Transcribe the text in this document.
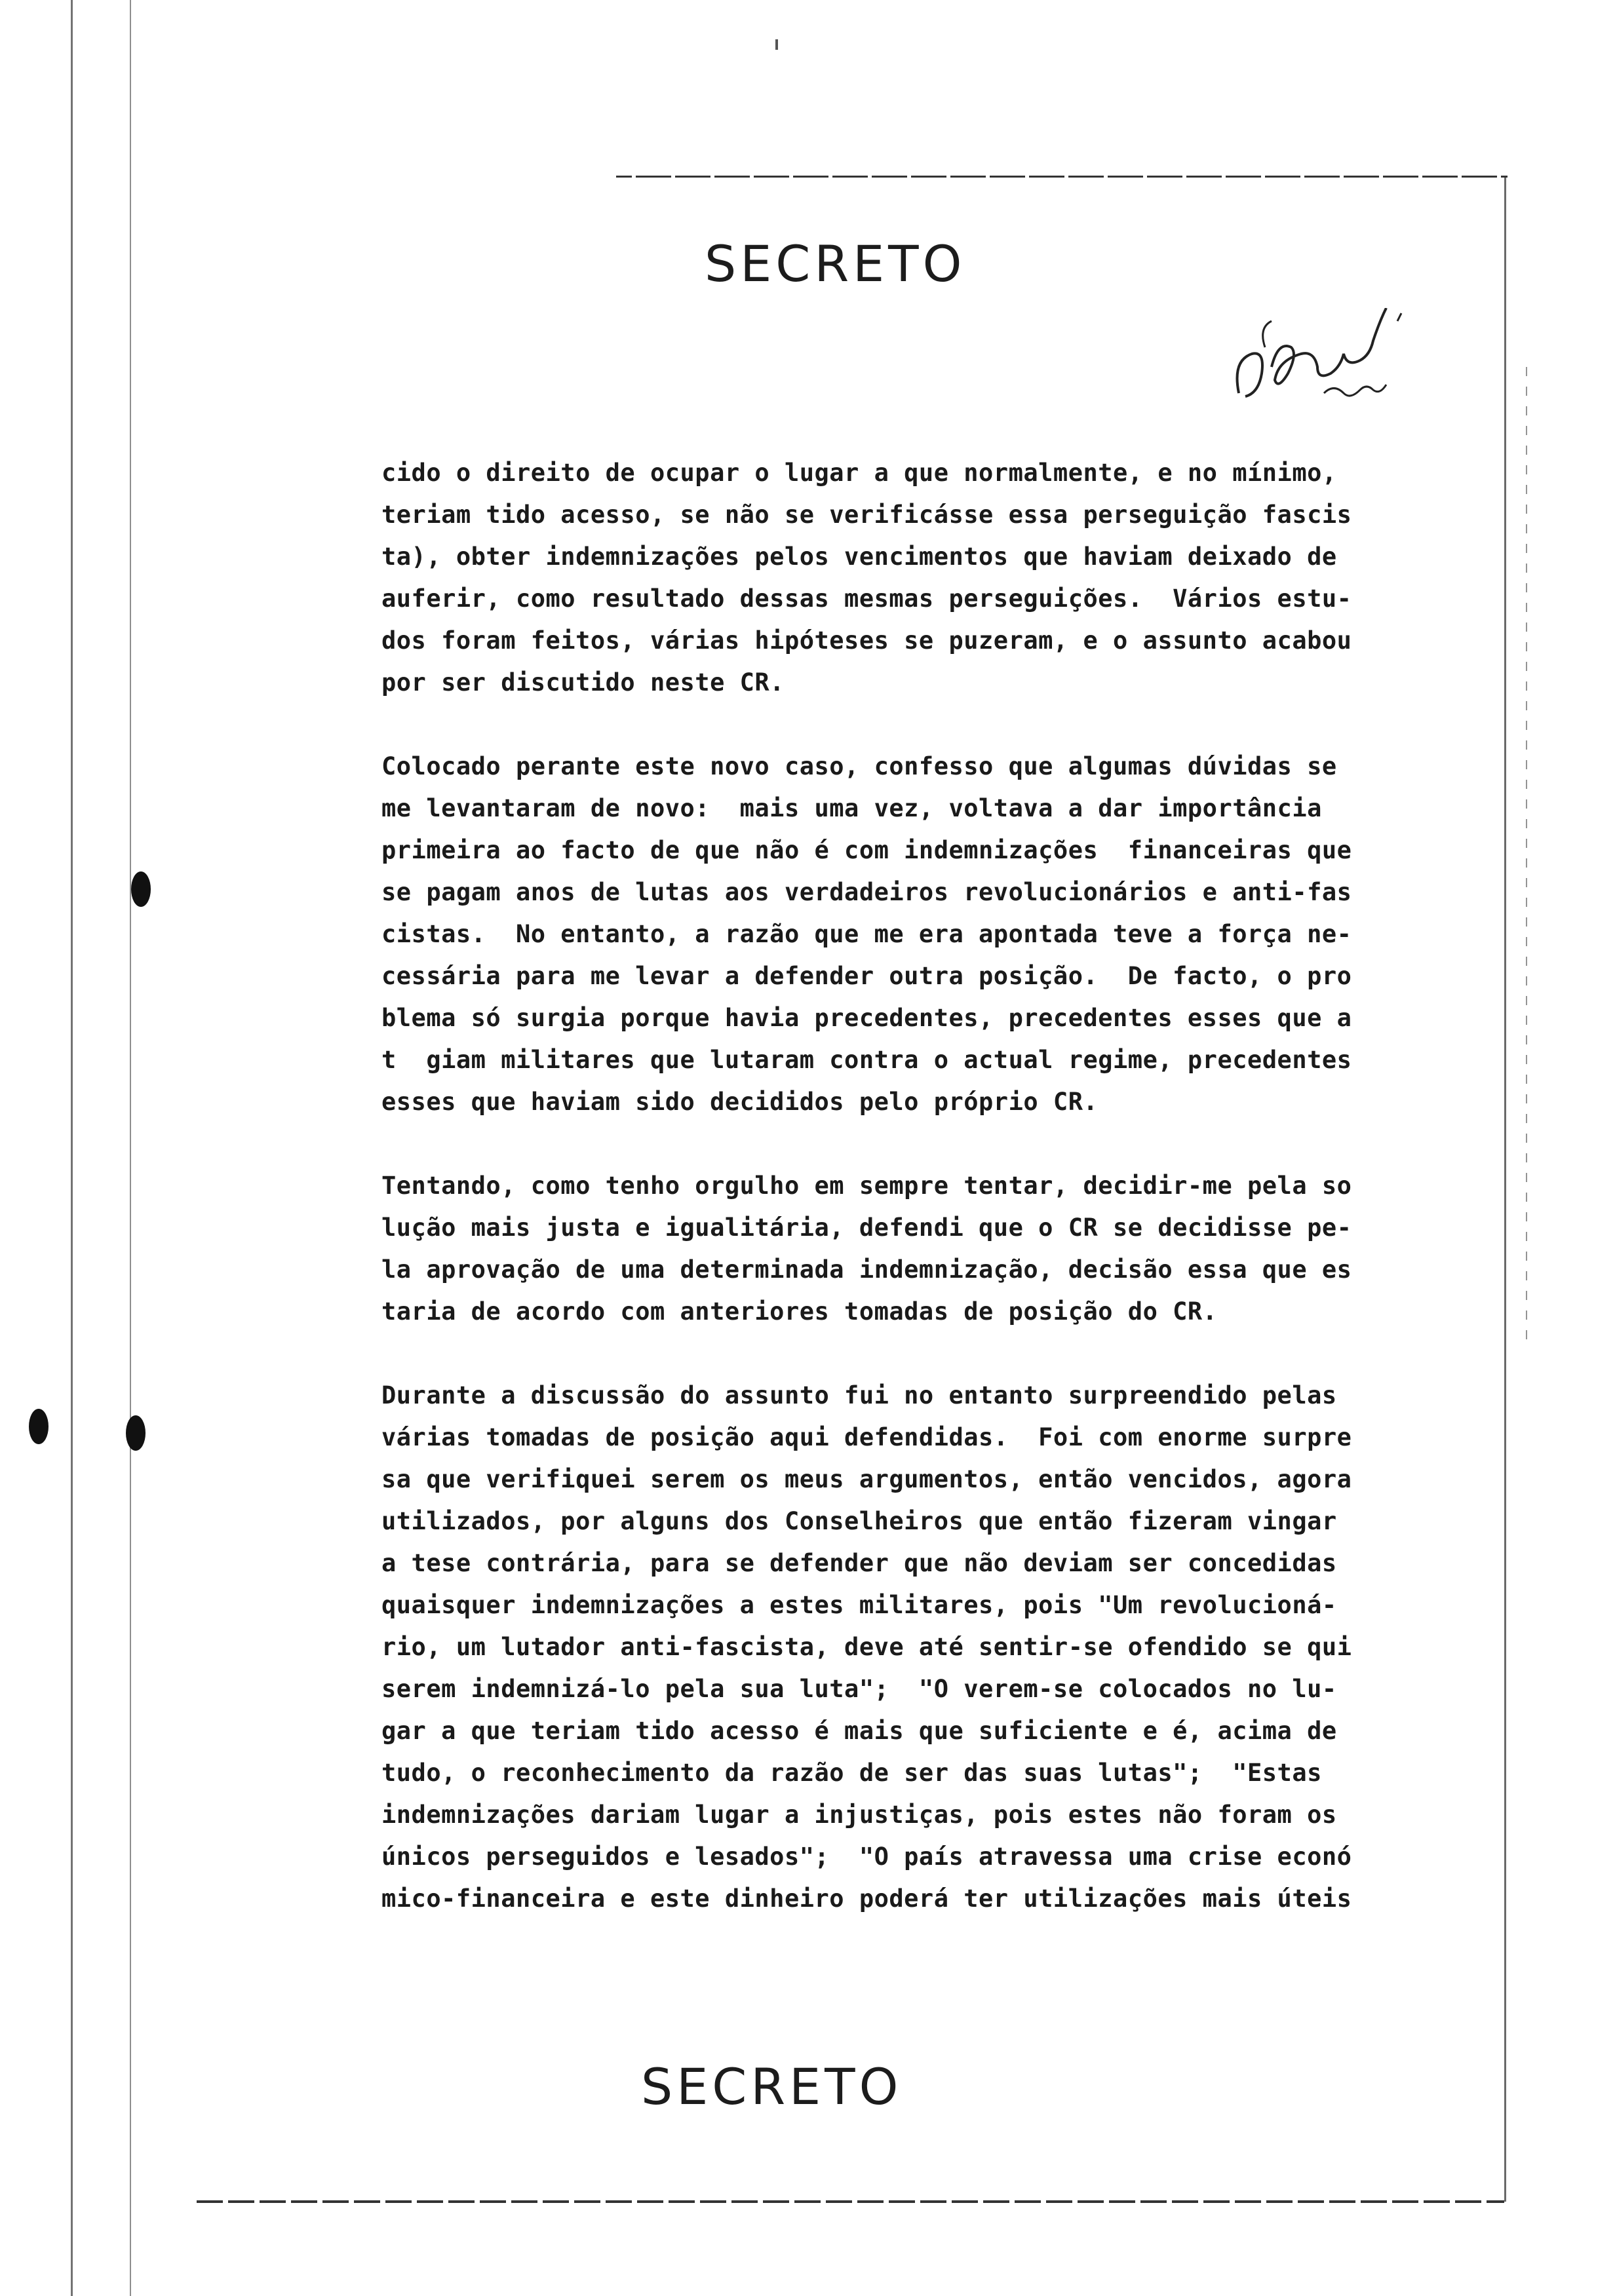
SECRETO

cido o direito de ocupar o lugar a que normalmente, e no mínimo,
teriam tido acesso, se não se verificásse essa perseguição fascis
ta), obter indemnizações pelos vencimentos que haviam deixado de
auferir, como resultado dessas mesmas perseguições.  Vários estu-
dos foram feitos, várias hipóteses se puzeram, e o assunto acabou
por ser discutido neste CR.

Colocado perante este novo caso, confesso que algumas dúvidas se
me levantaram de novo:  mais uma vez, voltava a dar importância
primeira ao facto de que não é com indemnizações  financeiras que
se pagam anos de lutas aos verdadeiros revolucionários e anti-fas
cistas.  No entanto, a razão que me era apontada teve a força ne-
cessária para me levar a defender outra posição.  De facto, o pro
blema só surgia porque havia precedentes, precedentes esses que a
t  giam militares que lutaram contra o actual regime, precedentes
esses que haviam sido decididos pelo próprio CR.

Tentando, como tenho orgulho em sempre tentar, decidir-me pela so
lução mais justa e igualitária, defendi que o CR se decidisse pe-
la aprovação de uma determinada indemnização, decisão essa que es
taria de acordo com anteriores tomadas de posição do CR.

Durante a discussão do assunto fui no entanto surpreendido pelas
várias tomadas de posição aqui defendidas.  Foi com enorme surpre
sa que verifiquei serem os meus argumentos, então vencidos, agora
utilizados, por alguns dos Conselheiros que então fizeram vingar
a tese contrária, para se defender que não deviam ser concedidas
quaisquer indemnizações a estes militares, pois "Um revolucioná-
rio, um lutador anti-fascista, deve até sentir-se ofendido se qui
serem indemnizá-lo pela sua luta";  "O verem-se colocados no lu-
gar a que teriam tido acesso é mais que suficiente e é, acima de
tudo, o reconhecimento da razão de ser das suas lutas";  "Estas
indemnizações dariam lugar a injustiças, pois estes não foram os
únicos perseguidos e lesados";  "O país atravessa uma crise econó
mico-financeira e este dinheiro poderá ter utilizações mais úteis

SECRETO
